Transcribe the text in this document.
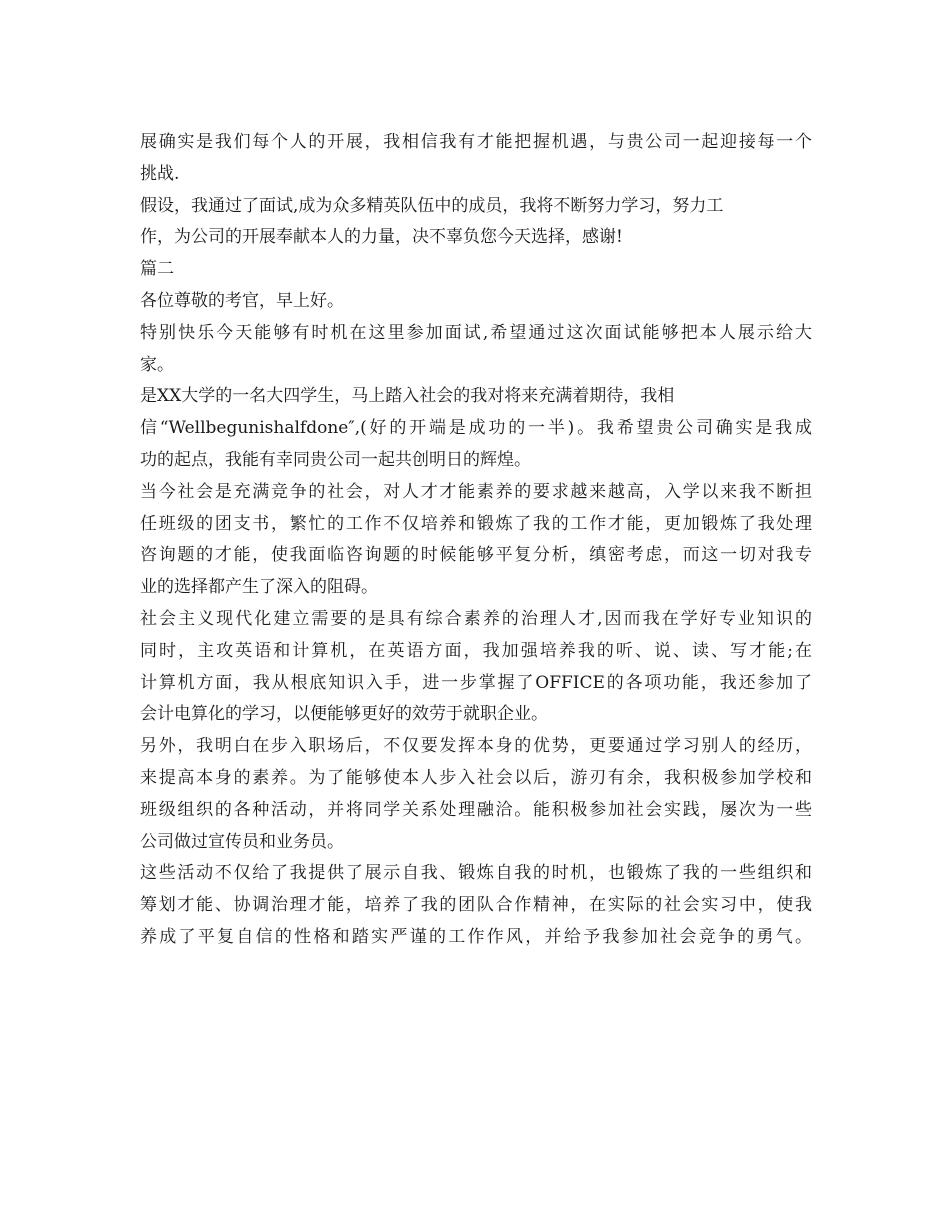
展确实是我们每个人的开展，我相信我有才能把握机遇，与贵公司一起迎接每一个
挑战.
假设，我通过了面试,成为众多精英队伍中的成员，我将不断努力学习，努力工
作，为公司的开展奉献本人的力量，决不辜负您今天选择，感谢!
篇二
各位尊敬的考官，早上好。
特别快乐今天能够有时机在这里参加面试,希望通过这次面试能够把本人展示给大
家。
是XX大学的一名大四学生，马上踏入社会的我对将来充满着期待，我相
信“Wellbegunishalfdone″,(好的开端是成功的一半)。我希望贵公司确实是我成
功的起点，我能有幸同贵公司一起共创明日的辉煌。
当今社会是充满竞争的社会，对人才才能素养的要求越来越高，入学以来我不断担
任班级的团支书，繁忙的工作不仅培养和锻炼了我的工作才能，更加锻炼了我处理
咨询题的才能，使我面临咨询题的时候能够平复分析，缜密考虑，而这一切对我专
业的选择都产生了深入的阻碍。
社会主义现代化建立需要的是具有综合素养的治理人才,因而我在学好专业知识的
同时，主攻英语和计算机，在英语方面，我加强培养我的听、说、读、写才能;在
计算机方面，我从根底知识入手，进一步掌握了OFFICE的各项功能，我还参加了
会计电算化的学习，以便能够更好的效劳于就职企业。
另外，我明白在步入职场后，不仅要发挥本身的优势，更要通过学习别人的经历，
来提高本身的素养。为了能够使本人步入社会以后，游刃有余，我积极参加学校和
班级组织的各种活动，并将同学关系处理融洽。能积极参加社会实践，屡次为一些
公司做过宣传员和业务员。
这些活动不仅给了我提供了展示自我、锻炼自我的时机，也锻炼了我的一些组织和
筹划才能、协调治理才能，培养了我的团队合作精神，在实际的社会实习中，使我
养成了平复自信的性格和踏实严谨的工作作风，并给予我参加社会竞争的勇气。
